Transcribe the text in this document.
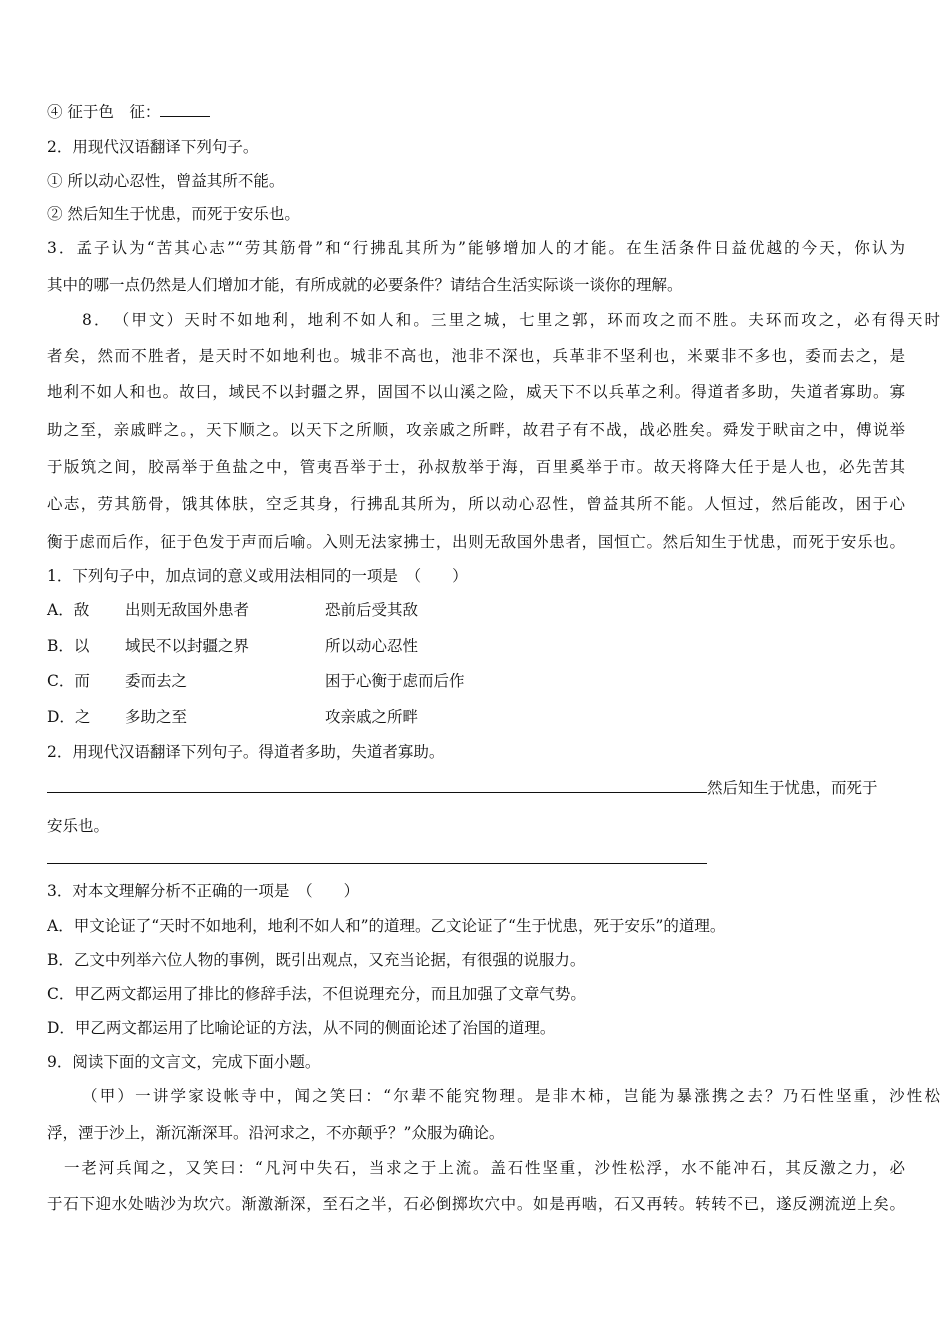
④ 征于色　征：
2．用现代汉语翻译下列句子。
① 所以动心忍性，曾益其所不能。
② 然后知生于忧患，而死于安乐也。
3．孟子认为“苦其心志”“劳其筋骨”和“行拂乱其所为”能够增加人的才能。在生活条件日益优越的今天，你认为
其中的哪一点仍然是人们增加才能，有所成就的必要条件？请结合生活实际谈一谈你的理解。
8．　（甲文）天时不如地利，地利不如人和。三里之城，七里之郭，环而攻之而不胜。夫环而攻之，必有得天时
者矣，然而不胜者，是天时不如地利也。城非不高也，池非不深也，兵革非不坚利也，米粟非不多也，委而去之，是
地利不如人和也。故曰，域民不以封疆之界，固国不以山溪之险，威天下不以兵革之利。得道者多助，失道者寡助。寡
助之至，亲戚畔之。，天下顺之。以天下之所顺，攻亲戚之所畔，故君子有不战，战必胜矣。舜发于畎亩之中，傅说举
于版筑之间，胶鬲举于鱼盐之中，管夷吾举于士，孙叔敖举于海，百里奚举于市。故天将降大任于是人也，必先苦其
心志，劳其筋骨，饿其体肤，空乏其身，行拂乱其所为，所以动心忍性，曾益其所不能。人恒过，然后能改，困于心
衡于虑而后作，征于色发于声而后喻。入则无法家拂士，出则无敌国外患者，国恒亡。然后知生于忧患，而死于安乐也。
1．下列句子中，加点词的意义或用法相同的一项是　（　　）
A．敌 出则无敌国外患者	恐前后受其敌
B．以 域民不以封疆之界	所以动心忍性
C．而 委而去之	困于心衡于虑而后作
D．之 多助之至	攻亲戚之所畔
2．用现代汉语翻译下列句子。得道者多助，失道者寡助。
然后知生于忧患，而死于
安乐也。
3．对本文理解分析不正确的一项是　（　　）
A．甲文论证了“天时不如地利，地利不如人和”的道理。乙文论证了“生于忧患，死于安乐”的道理。
B．乙文中列举六位人物的事例，既引出观点，又充当论据，有很强的说服力。
C．甲乙两文都运用了排比的修辞手法，不但说理充分，而且加强了文章气势。
D．甲乙两文都运用了比喻论证的方法，从不同的侧面论述了治国的道理。
9．阅读下面的文言文，完成下面小题。
（甲）一讲学家设帐寺中，闻之笑曰：“尔辈不能究物理。是非木柿，岂能为暴涨携之去？乃石性坚重，沙性松
浮，湮于沙上，渐沉渐深耳。沿河求之，不亦颠乎？”众服为确论。
一老河兵闻之，又笑曰：“凡河中失石，当求之于上流。盖石性坚重，沙性松浮，水不能冲石，其反激之力，必
于石下迎水处啮沙为坎穴。渐激渐深，至石之半，石必倒掷坎穴中。如是再啮，石又再转。转转不已，遂反溯流逆上矣。
